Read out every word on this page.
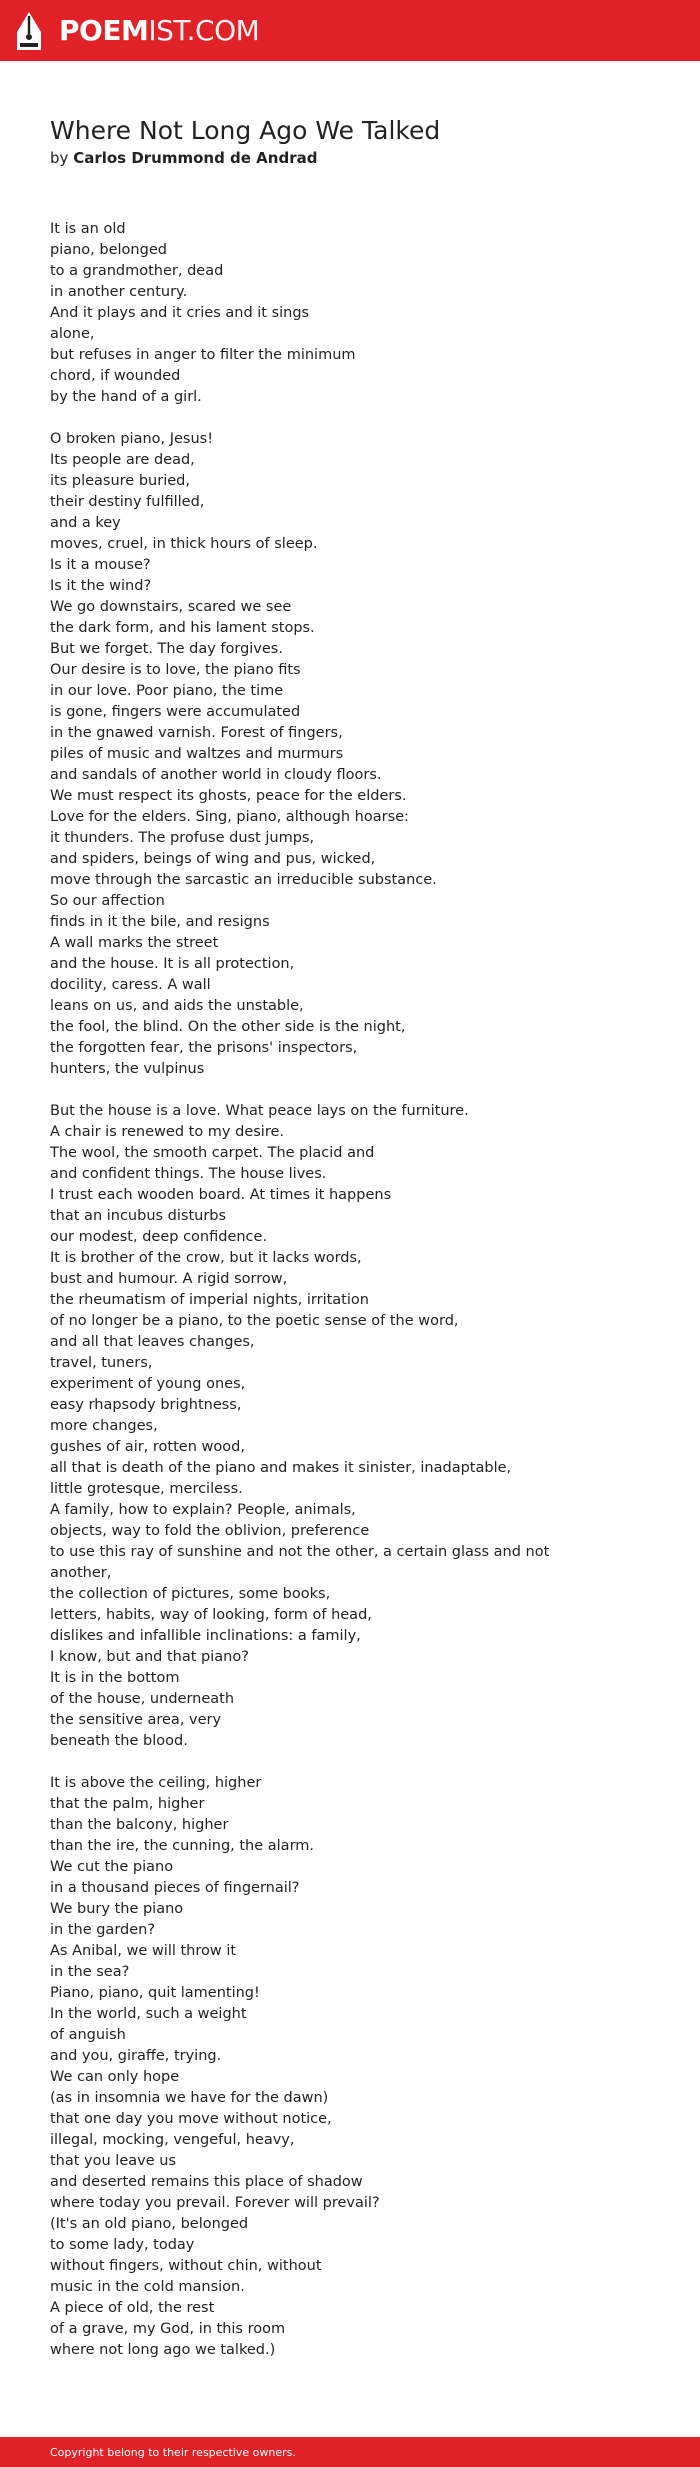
POEMIST.COM
Where Not Long Ago We Talked
by Carlos Drummond de Andrad
It is an old
piano, belonged
to a grandmother, dead
in another century.
And it plays and it cries and it sings
alone,
but refuses in anger to filter the minimum
chord, if wounded
by the hand of a girl.
O broken piano, Jesus!
Its people are dead,
its pleasure buried,
their destiny fulfilled,
and a key
moves, cruel, in thick hours of sleep.
Is it a mouse?
Is it the wind?
We go downstairs, scared we see
the dark form, and his lament stops.
But we forget. The day forgives.
Our desire is to love, the piano fits
in our love. Poor piano, the time
is gone, fingers were accumulated
in the gnawed varnish. Forest of fingers,
piles of music and waltzes and murmurs
and sandals of another world in cloudy floors.
We must respect its ghosts, peace for the elders.
Love for the elders. Sing, piano, although hoarse:
it thunders. The profuse dust jumps,
and spiders, beings of wing and pus, wicked,
move through the sarcastic an irreducible substance.
So our affection
finds in it the bile, and resigns
A wall marks the street
and the house. It is all protection,
docility, caress. A wall
leans on us, and aids the unstable,
the fool, the blind. On the other side is the night,
the forgotten fear, the prisons' inspectors,
hunters, the vulpinus
But the house is a love. What peace lays on the furniture.
A chair is renewed to my desire.
The wool, the smooth carpet. The placid and
and confident things. The house lives.
I trust each wooden board. At times it happens
that an incubus disturbs
our modest, deep confidence.
It is brother of the crow, but it lacks words,
bust and humour. A rigid sorrow,
the rheumatism of imperial nights, irritation
of no longer be a piano, to the poetic sense of the word,
and all that leaves changes,
travel, tuners,
experiment of young ones,
easy rhapsody brightness,
more changes,
gushes of air, rotten wood,
all that is death of the piano and makes it sinister, inadaptable,
little grotesque, merciless.
A family, how to explain? People, animals,
objects, way to fold the oblivion, preference
to use this ray of sunshine and not the other, a certain glass and not
another,
the collection of pictures, some books,
letters, habits, way of looking, form of head,
dislikes and infallible inclinations: a family,
I know, but and that piano?
It is in the bottom
of the house, underneath
the sensitive area, very
beneath the blood.
It is above the ceiling, higher
that the palm, higher
than the balcony, higher
than the ire, the cunning, the alarm.
We cut the piano
in a thousand pieces of fingernail?
We bury the piano
in the garden?
As Anibal, we will throw it
in the sea?
Piano, piano, quit lamenting!
In the world, such a weight
of anguish
and you, giraffe, trying.
We can only hope
(as in insomnia we have for the dawn)
that one day you move without notice,
illegal, mocking, vengeful, heavy,
that you leave us
and deserted remains this place of shadow
where today you prevail. Forever will prevail?
(It's an old piano, belonged
to some lady, today
without fingers, without chin, without
music in the cold mansion.
A piece of old, the rest
of a grave, my God, in this room
where not long ago we talked.)
Copyright belong to their respective owners.
